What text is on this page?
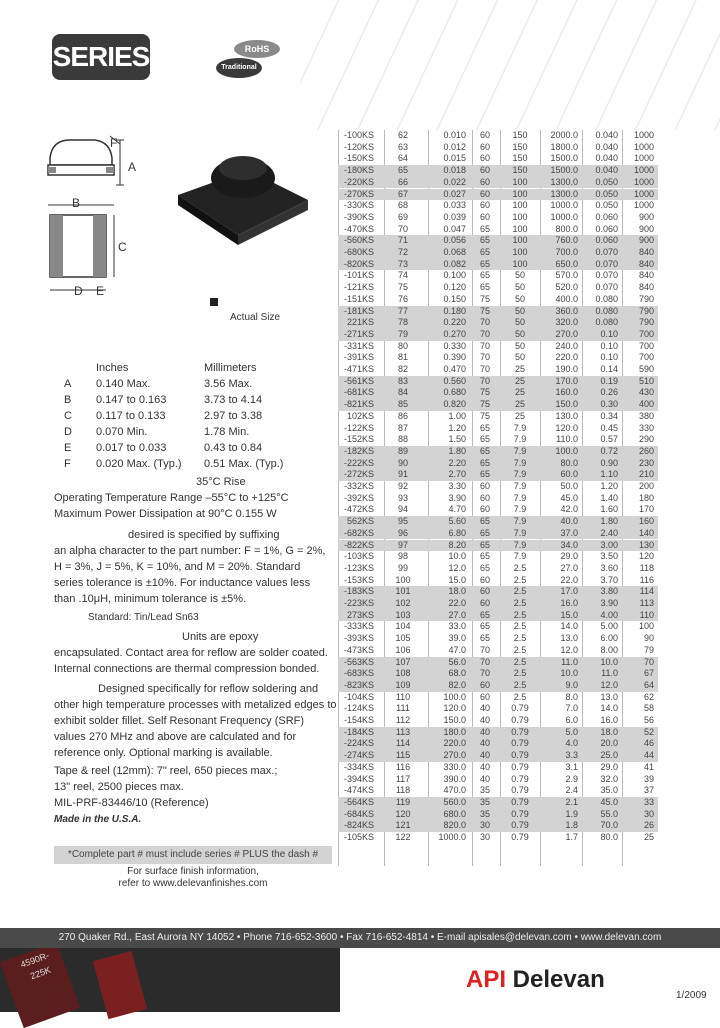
SERIES	RoHS
Traditional
F
A
B
C
D E
Actual Size
Inches	Millimeters
A 0.140 Max.	3.56 Max.
B 0.147 to 0.163	3.73 to 4.14
C 0.117 to 0.133	2.97 to 3.38
D 0.070 Min.	1.78 Min.
E 0.017 to 0.033	0.43 to 0.84
F 0.020 Max. (Typ.) 0.51 Max. (Typ.)
35°C Rise
Operating Temperature Range –55°C to +125°C
Maximum Power Dissipation at 90°C 0.155 W
desired is specified by suffixing
an alpha character to the part number: F = 1%, G = 2%,
H = 3%, J = 5%, K = 10%, and M = 20%. Standard
series tolerance is ±10%. For inductance values less
than .10μH, minimum tolerance is ±5%.
Standard: Tin/Lead Sn63
Units are epoxy
encapsulated. Contact area for reflow are solder coated.
Internal connections are thermal compression bonded.
Designed specifically for reflow soldering and
other high temperature processes with metalized edges to
exhibit solder fillet. Self Resonant Frequency (SRF)
values 270 MHz and above are calculated and for
reference only. Optional marking is available.
Tape & reel (12mm): 7" reel, 650 pieces max.;
13" reel, 2500 pieces max.
MIL-PRF-83446/10 (Reference)
Made in the U.S.A.
*Complete part # must include series # PLUS the dash #
For surface finish information,
refer to www.delevanfinishes.com
-100KS	62	0.010	60	150	2000.0	0.040	1000
-120KS	63	0.012	60	150	1800.0	0.040	1000
-150KS	64	0.015	60	150	1500.0	0.040	1000
-180KS	65	0.018	60	150	1500.0	0.040	1000
-220KS	66	0.022	60	100	1300.0	0.050	1000
-270KS	67	0.027	60	100	1300.0	0.050	1000
-330KS	68	0.033	60	100	1000.0	0.050	1000
-390KS	69	0.039	60	100	1000.0	0.060	900
-470KS	70	0.047	65	100	800.0	0.060	900
-560KS	71	0.056	65	100	760.0	0.060	900
-680KS	72	0.068	65	100	700.0	0.070	840
-820KS	73	0.082	65	100	650.0	0.070	840
-101KS	74	0.100	65	50	570.0	0.070	840
-121KS	75	0.120	65	50	520.0	0.070	840
-151KS	76	0.150	75	50	400.0	0.080	790
-181KS	77	0.180	75	50	360.0	0.080	790
221KS	78	0.220	70	50	320.0	0.080	790
-271KS	79	0.270	70	50	270.0	0.10	700
-331KS	80	0.330	70	50	240.0	0.10	700
-391KS	81	0.390	70	50	220.0	0.10	700
-471KS	82	0.470	70	25	190.0	0.14	590
-561KS	83	0.560	70	25	170.0	0.19	510
-681KS	84	0.680	75	25	160.0	0.26	430
-821KS	85	0.820	75	25	150.0	0.30	400
102KS	86	1.00	75	25	130.0	0.34	380
-122KS	87	1.20	65	7.9	120.0	0.45	330
-152KS	88	1.50	65	7.9	110.0	0.57	290
-182KS	89	1.80	65	7.9	100.0	0.72	260
-222KS	90	2.20	65	7.9	80.0	0.90	230
-272KS	91	2.70	65	7.9	60.0	1.10	210
-332KS	92	3.30	60	7.9	50.0	1.20	200
-392KS	93	3.90	60	7.9	45.0	1.40	180
-472KS	94	4.70	60	7.9	42.0	1.60	170
562KS	95	5.60	65	7.9	40.0	1.80	160
-682KS	96	6.80	65	7.9	37.0	2.40	140
-822KS	97	8.20	65	7.9	34.0	3.00	130
-103KS	98	10.0	65	7.9	29.0	3.50	120
-123KS	99	12.0	65	2.5	27.0	3.60	118
-153KS	100	15.0	60	2.5	22.0	3.70	116
-183KS	101	18.0	60	2.5	17.0	3.80	114
-223KS	102	22.0	60	2.5	16.0	3.90	113
273KS	103	27.0	65	2.5	15.0	4.00	110
-333KS	104	33.0	65	2.5	14.0	5.00	100
-393KS	105	39.0	65	2.5	13.0	6.00	90
-473KS	106	47.0	70	2.5	12.0	8.00	79
-563KS	107	56.0	70	2.5	11.0	10.0	70
-683KS	108	68.0	70	2.5	10.0	11.0	67
-823KS	109	82.0	60	2.5	9.0	12.0	64
-104KS	110	100.0	60	2.5	8.0	13.0	62
-124KS	111	120.0	40	0.79	7.0	14.0	58
-154KS	112	150.0	40	0.79	6.0	16.0	56
-184KS	113	180.0	40	0.79	5.0	18.0	52
-224KS	114	220.0	40	0.79	4.0	20.0	46
-274KS	115	270.0	40	0.79	3.3	25.0	44
-334KS	116	330.0	40	0.79	3.1	29.0	41
-394KS	117	390.0	40	0.79	2.9	32.0	39
-474KS	118	470.0	35	0.79	2.4	35.0	37
-564KS	119	560.0	35	0.79	2.1	45.0	33
-684KS	120	680.0	35	0.79	1.9	55.0	30
-824KS	121	820.0	30	0.79	1.8	70.0	26
-105KS	122	1000.0	30	0.79	1.7	80.0	25
4590R-
225K
270 Quaker Rd., East Aurora NY 14052 • Phone 716-652-3600 • Fax 716-652-4814 • E-mail apisales@delevan.com • www.delevan.com
API Delevan
1/2009
